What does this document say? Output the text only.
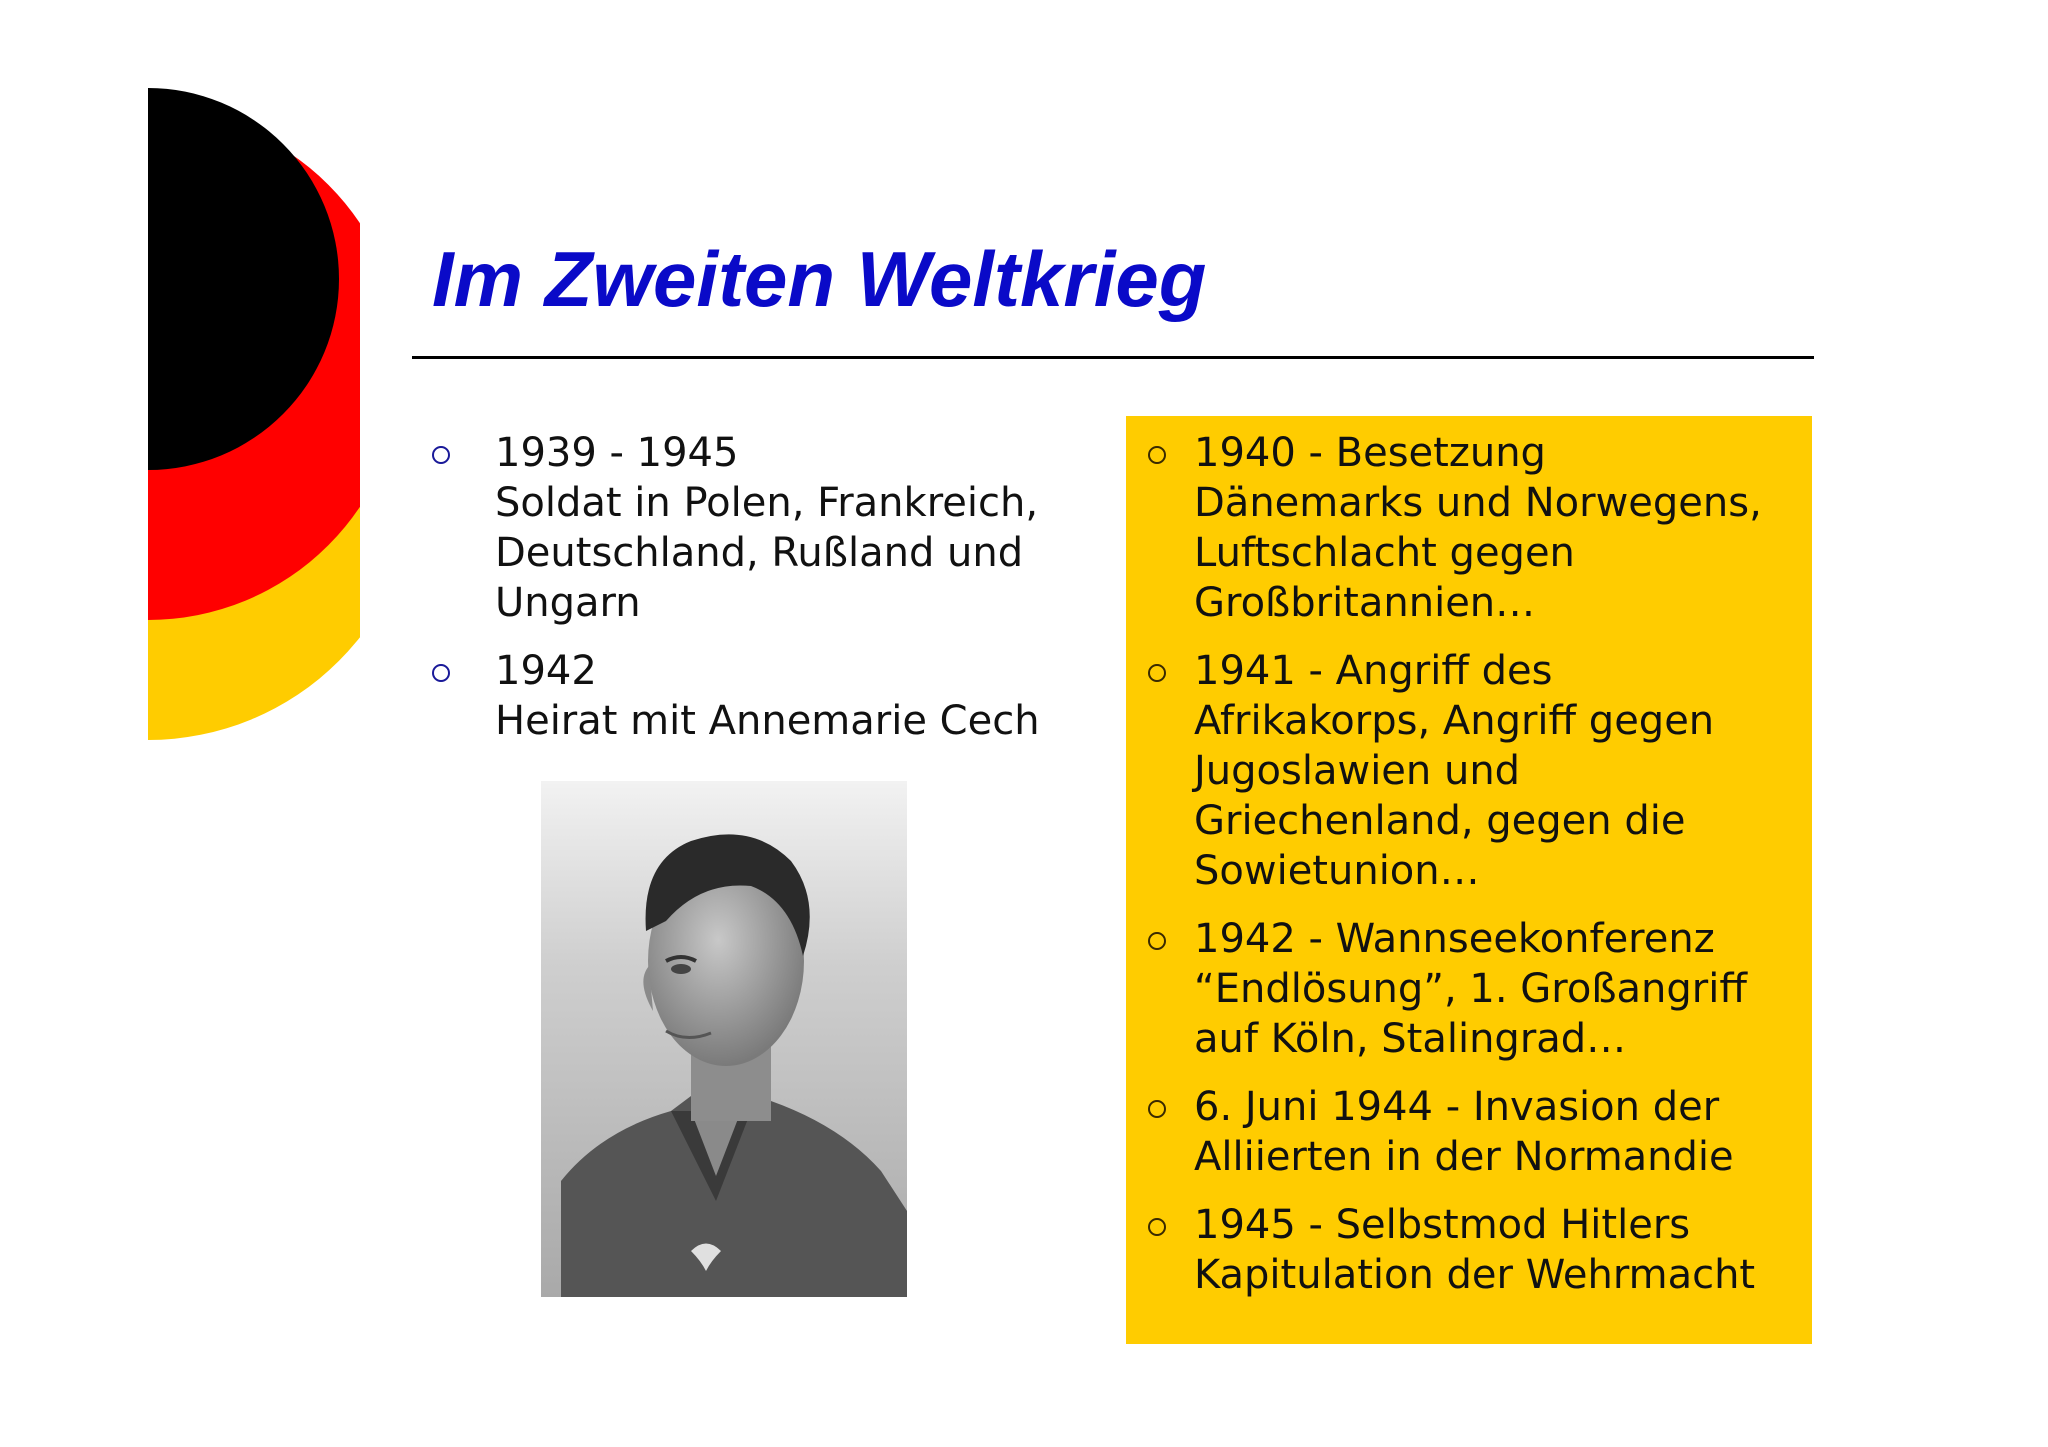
Im Zweiten Weltkrieg
1939 - 1945
Soldat in Polen, Frankreich,
Deutschland, Rußland und
Ungarn
1942
Heirat mit Annemarie Cech
1940 - Besetzung
Dänemarks und Norwegens,
Luftschlacht gegen
Großbritannien…
1941 - Angriff des
Afrikakorps, Angriff gegen
Jugoslawien und
Griechenland, gegen die
Sowietunion…
1942 - Wannseekonferenz
“Endlösung”, 1. Großangriff
auf Köln, Stalingrad…
6. Juni 1944 - Invasion der
Alliierten in der Normandie
1945 - Selbstmod Hitlers
Kapitulation der Wehrmacht
